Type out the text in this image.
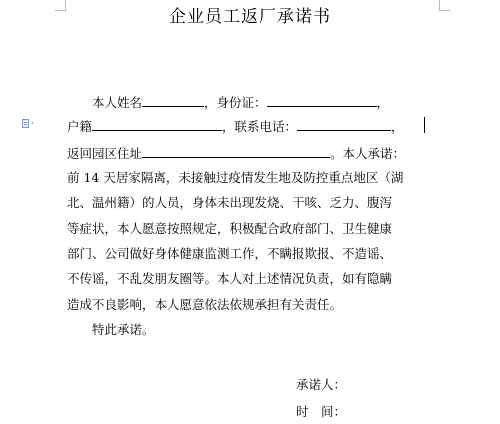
企业员工返厂承诺书
›
本人姓名	，身份证：	，
户籍	，联系电话：	，
返回园区住址	。本人承诺：
前 14 天居家隔离，未接触过疫情发生地及防控重点地区（湖
北、温州籍）的人员，身体未出现发烧、干咳、乏力、腹泻
等症状，本人愿意按照规定，积极配合政府部门、卫生健康
部门、公司做好身体健康监测工作，不瞒报欺报、不造谣、
不传谣，不乱发朋友圈等。本人对上述情况负责，如有隐瞒
造成不良影响，本人愿意依法依规承担有关责任。
特此承诺。
承诺人：
时　间：
